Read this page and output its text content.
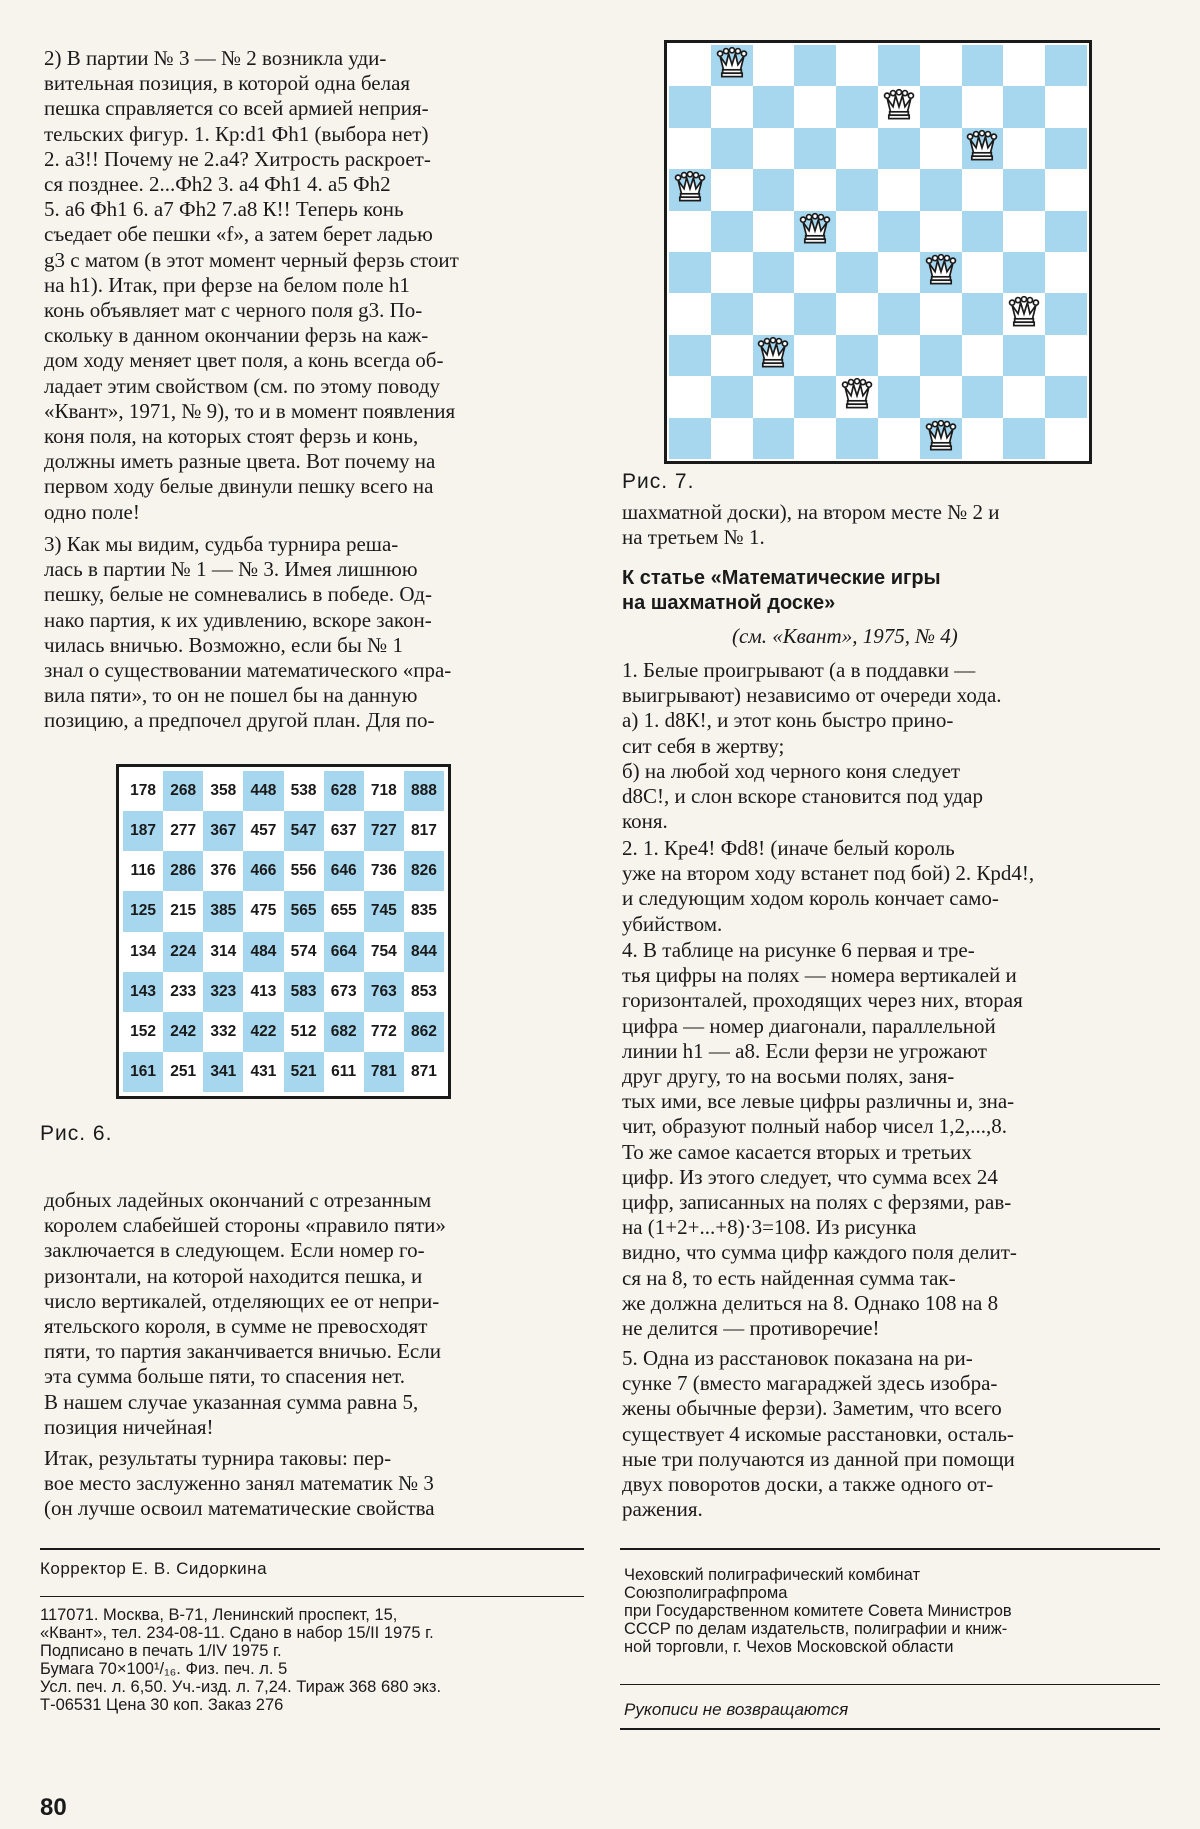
2) В партии № 3 — № 2 возникла уди-
вительная позиция, в которой одна белая
пешка справляется со всей армией неприя-
тельских фигур. 1. Кр:d1 Фh1 (выбора нет)
2. а3!! Почему не 2.а4? Хитрость раскроет-
ся позднее. 2...Фh2 3. а4 Фh1 4. а5 Фh2
5. а6 Фh1 6. а7 Фh2 7.а8 К!! Теперь конь
съедает обе пешки «f», а затем берет ладью
g3 с матом (в этот момент черный ферзь стоит
на h1). Итак, при ферзе на белом поле h1
конь объявляет мат с черного поля g3. По-
скольку в данном окончании ферзь на каж-
дом ходу меняет цвет поля, а конь всегда об-
ладает этим свойством (см. по этому поводу
«Квант», 1971, № 9), то и в момент появления
коня поля, на которых стоят ферзь и конь,
должны иметь разные цвета. Вот почему на
первом ходу белые двинули пешку всего на
одно поле!
3) Как мы видим, судьба турнира реша-
лась в партии № 1 — № 3. Имея лишнюю
пешку, белые не сомневались в победе. Од-
нако партия, к их удивлению, вскоре закон-
чилась вничью. Возможно, если бы № 1
знал о существовании математического «пра-
вила пяти», то он не пошел бы на данную
позицию, а предпочел другой план. Для по-
178 268 358 448 538 628 718 888
187 277 367 457 547 637 727 817
116 286 376 466 556 646 736 826
125 215 385 475 565 655 745 835
134 224 314 484 574 664 754 844
143 233 323 413 583 673 763 853
152 242 332 422 512 682 772 862
161 251 341 431 521 611 781 871
Рис. 6.
добных ладейных окончаний с отрезанным
королем слабейшей стороны «правило пяти»
заключается в следующем. Если номер го-
ризонтали, на которой находится пешка, и
число вертикалей, отделяющих ее от непри-
ятельского короля, в сумме не превосходят
пяти, то партия заканчивается вничью. Если
эта сумма больше пяти, то спасения нет.
В нашем случае указанная сумма равна 5,
позиция ничейная!
Итак, результаты турнира таковы: пер-
вое место заслуженно занял математик № 3
(он лучше освоил математические свойства
Рис. 7.
шахматной доски), на втором месте № 2 и
на третьем № 1.
К статье «Математические игры
на шахматной доске»
(см. «Квант», 1975, № 4)
1. Белые проигрывают (а в поддавки —
выигрывают) независимо от очереди хода.
а) 1. d8К!, и этот конь быстро прино-
сит себя в жертву;
б) на любой ход черного коня следует
d8С!, и слон вскоре становится под удар
коня.
2. 1. Крe4! Фd8! (иначе белый король
уже на втором ходу встанет под бой) 2. Крd4!,
и следующим ходом король кончает само-
убийством.
4. В таблице на рисунке 6 первая и тре-
тья цифры на полях — номера вертикалей и
горизонталей, проходящих через них, вторая
цифра — номер диагонали, параллельной
линии h1 — а8. Если ферзи не угрожают
друг другу, то на восьми полях, заня-
тых ими, все левые цифры различны и, зна-
чит, образуют полный набор чисел 1,2,...,8.
То же самое касается вторых и третьих
цифр. Из этого следует, что сумма всех 24
цифр, записанных на полях с ферзями, рав-
на (1+2+...+8)·3=108. Из рисунка
видно, что сумма цифр каждого поля делит-
ся на 8, то есть найденная сумма так-
же должна делиться на 8. Однако 108 на 8
не делится — противоречие!
5. Одна из расстановок показана на ри-
сунке 7 (вместо магараджей здесь изобра-
жены обычные ферзи). Заметим, что всего
существует 4 искомые расстановки, осталь-
ные три получаются из данной при помощи
двух поворотов доски, а также одного от-
ражения.
Корректор Е. В. Сидоркина
117071. Москва, В-71, Ленинский проспект, 15,
«Квант», тел. 234-08-11. Сдано в набор 15/II 1975 г.
Подписано в печать 1/IV 1975 г.
Бумага 70×100¹/₁₆. Физ. печ. л. 5
Усл. печ. л. 6,50. Уч.-изд. л. 7,24. Тираж 368 680 экз.
Т-06531 Цена 30 коп. Заказ 276
Чеховский полиграфический комбинат
Союзполиграфпрома
при Государственном комитете Совета Министров
СССР по делам издательств, полиграфии и книж-
ной торговли, г. Чехов Московской области
Рукописи не возвращаются
80
